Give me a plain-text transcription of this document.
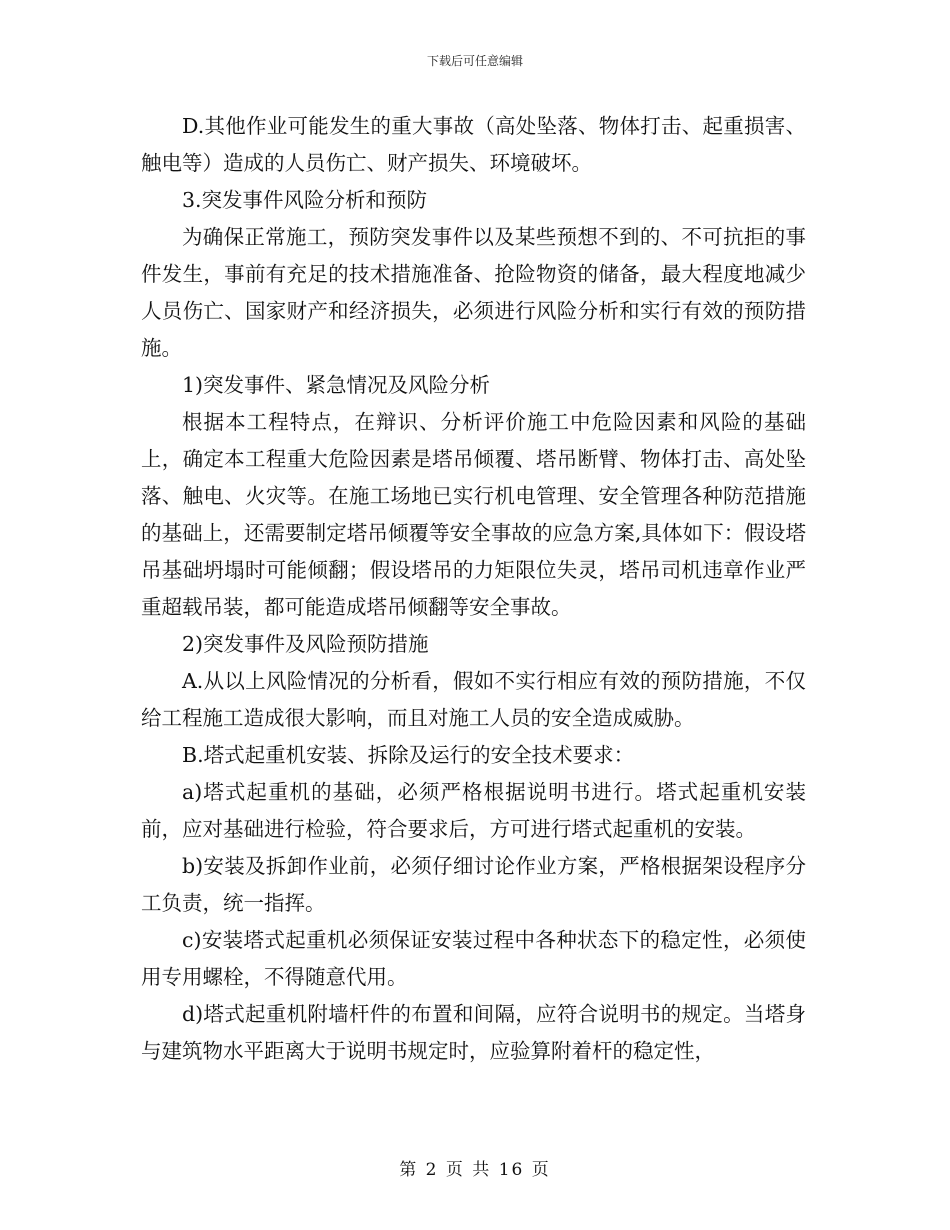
下载后可任意编辑

D.其他作业可能发生的重大事故（高处坠落、物体打击、起重损害、触电等）造成的人员伤亡、财产损失、环境破坏。

3.突发事件风险分析和预防

为确保正常施工，预防突发事件以及某些预想不到的、不可抗拒的事件发生，事前有充足的技术措施准备、抢险物资的储备，最大程度地减少人员伤亡、国家财产和经济损失，必须进行风险分析和实行有效的预防措施。

1)突发事件、紧急情况及风险分析

根据本工程特点，在辩识、分析评价施工中危险因素和风险的基础上，确定本工程重大危险因素是塔吊倾覆、塔吊断臂、物体打击、高处坠落、触电、火灾等。在施工场地已实行机电管理、安全管理各种防范措施的基础上，还需要制定塔吊倾覆等安全事故的应急方案,具体如下：假设塔吊基础坍塌时可能倾翻；假设塔吊的力矩限位失灵，塔吊司机违章作业严重超载吊装，都可能造成塔吊倾翻等安全事故。

2)突发事件及风险预防措施

A.从以上风险情况的分析看，假如不实行相应有效的预防措施，不仅给工程施工造成很大影响，而且对施工人员的安全造成威胁。

B.塔式起重机安装、拆除及运行的安全技术要求：

a)塔式起重机的基础，必须严格根据说明书进行。塔式起重机安装前，应对基础进行检验，符合要求后，方可进行塔式起重机的安装。

b)安装及拆卸作业前，必须仔细讨论作业方案，严格根据架设程序分工负责，统一指挥。

c)安装塔式起重机必须保证安装过程中各种状态下的稳定性，必须使用专用螺栓，不得随意代用。

d)塔式起重机附墙杆件的布置和间隔，应符合说明书的规定。当塔身与建筑物水平距离大于说明书规定时，应验算附着杆的稳定性，

第 2 页 共 16 页
